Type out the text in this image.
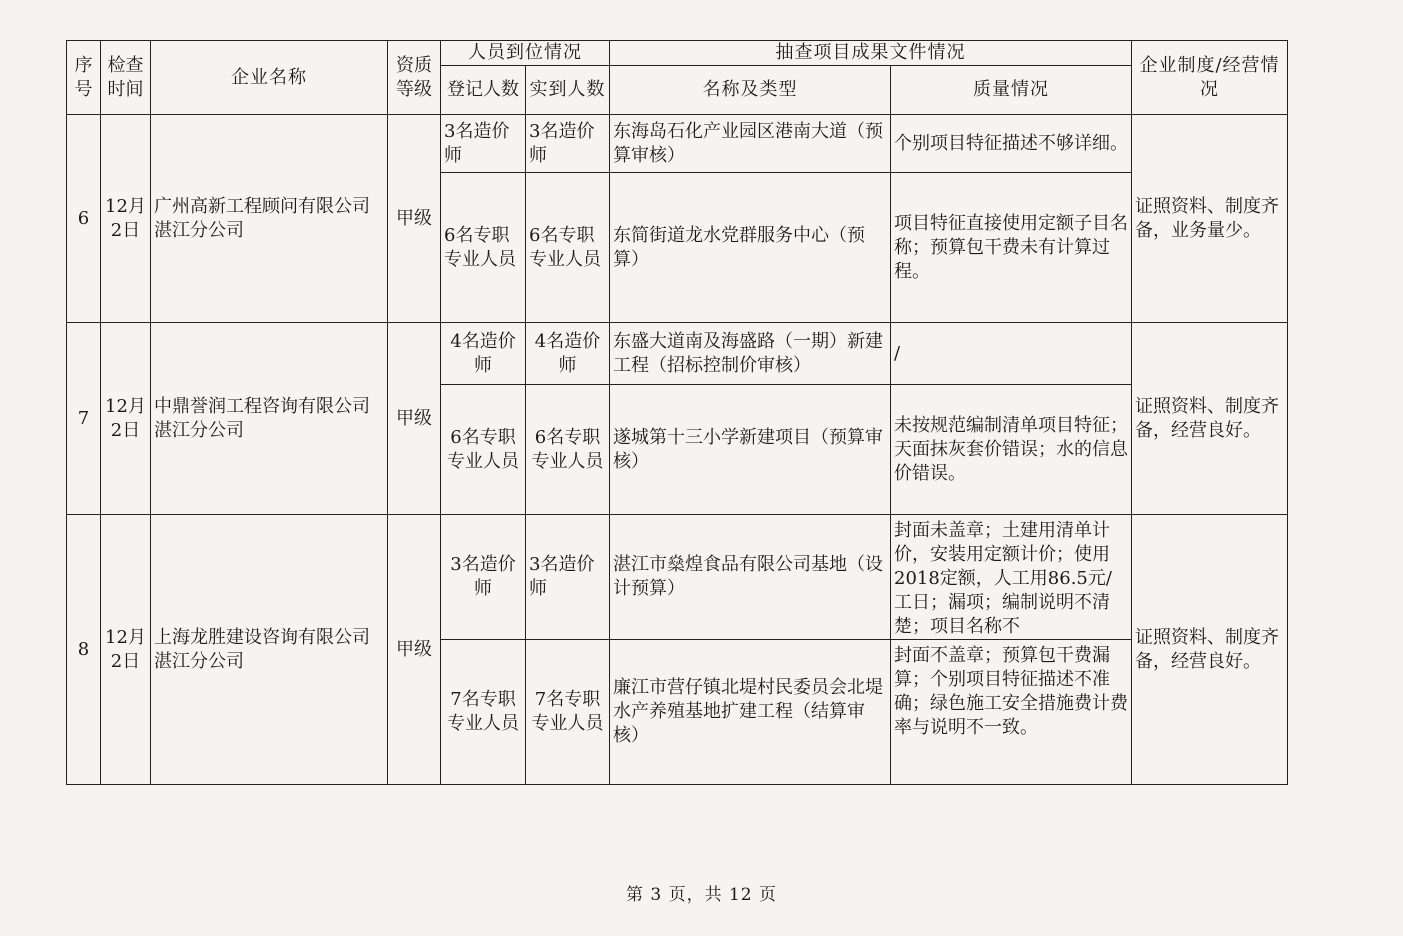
序号	检查时间	企业名称	资质等级	人员到位情况		抽查项目成果文件情况		企业制度/经营情况
				登记人数	实到人数	名称及类型	质量情况	
6	12月2日	广州高新工程顾问有限公司湛江分公司	甲级	3名造价师	3名造价师	东海岛石化产业园区港南大道（预算审核）	个别项目特征描述不够详细。	证照资料、制度齐备，业务量少。
				6名专职专业人员	6名专职专业人员	东简街道龙水党群服务中心（预算）	项目特征直接使用定额子目名称；预算包干费未有计算过程。	
7	12月2日	中鼎誉润工程咨询有限公司湛江分公司	甲级	4名造价师	4名造价师	东盛大道南及海盛路（一期）新建工程（招标控制价审核）	/	证照资料、制度齐备，经营良好。
				6名专职专业人员	6名专职专业人员	遂城第十三小学新建项目（预算审核）	未按规范编制清单项目特征；天面抹灰套价错误；水的信息价错误。	
8	12月2日	上海龙胜建设咨询有限公司湛江分公司	甲级	3名造价师	3名造价师	湛江市燊煌食品有限公司基地（设计预算）	封面未盖章；土建用清单计价，安装用定额计价；使用2018定额，人工用86.5元/工日；漏项；编制说明不清楚；项目名称不	证照资料、制度齐备，经营良好。
				7名专职专业人员	7名专职专业人员	廉江市营仔镇北堤村民委员会北堤水产养殖基地扩建工程（结算审核）	封面不盖章；预算包干费漏算；个别项目特征描述不准确；绿色施工安全措施费计费率与说明不一致。	
第 3 页，共 12 页
